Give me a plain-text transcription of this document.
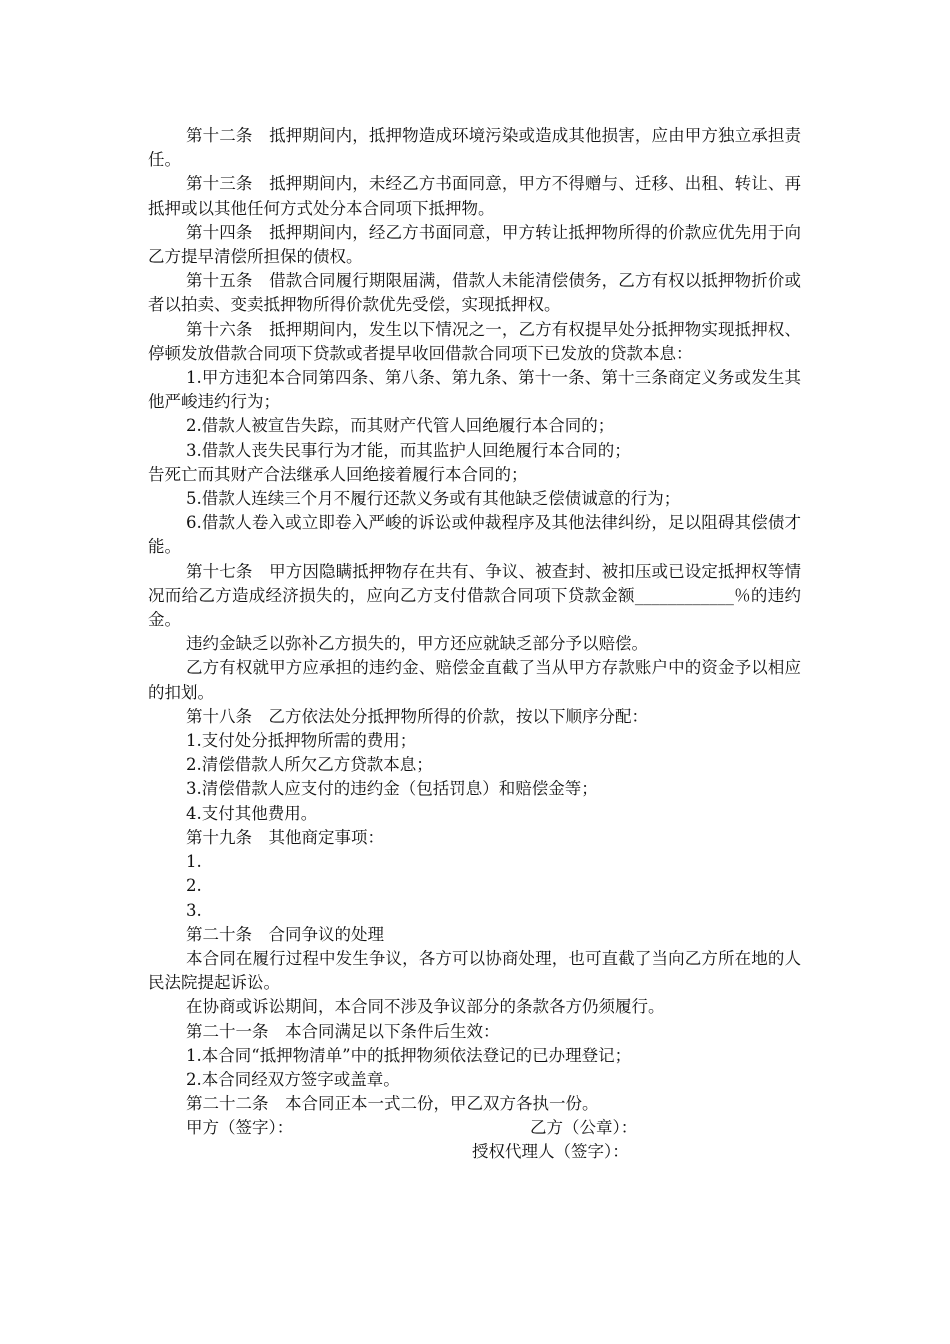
第十二条　抵押期间内，抵押物造成环境污染或造成其他损害，应由甲方独立承担责任。

第十三条　抵押期间内，未经乙方书面同意，甲方不得赠与、迁移、出租、转让、再抵押或以其他任何方式处分本合同项下抵押物。

第十四条　抵押期间内，经乙方书面同意，甲方转让抵押物所得的价款应优先用于向乙方提早清偿所担保的债权。

第十五条　借款合同履行期限届满，借款人未能清偿债务，乙方有权以抵押物折价或者以拍卖、变卖抵押物所得价款优先受偿，实现抵押权。

第十六条　抵押期间内，发生以下情况之一，乙方有权提早处分抵押物实现抵押权、停顿发放借款合同项下贷款或者提早收回借款合同项下已发放的贷款本息：

1.甲方违犯本合同第四条、第八条、第九条、第十一条、第十三条商定义务或发生其他严峻违约行为；

2.借款人被宣告失踪，而其财产代管人回绝履行本合同的；

3.借款人丧失民事行为才能，而其监护人回绝履行本合同的；

告死亡而其财产合法继承人回绝接着履行本合同的；

5.借款人连续三个月不履行还款义务或有其他缺乏偿债诚意的行为；

6.借款人卷入或立即卷入严峻的诉讼或仲裁程序及其他法律纠纷，足以阻碍其偿债才能。

第十七条　甲方因隐瞒抵押物存在共有、争议、被查封、被扣压或已设定抵押权等情况而给乙方造成经济损失的，应向乙方支付借款合同项下贷款金额____________％的违约金。

违约金缺乏以弥补乙方损失的，甲方还应就缺乏部分予以赔偿。

乙方有权就甲方应承担的违约金、赔偿金直截了当从甲方存款账户中的资金予以相应的扣划。

第十八条　乙方依法处分抵押物所得的价款，按以下顺序分配：

1.支付处分抵押物所需的费用；

2.清偿借款人所欠乙方贷款本息；

3.清偿借款人应支付的违约金（包括罚息）和赔偿金等；

4.支付其他费用。

第十九条　其他商定事项：

1.

2.

3.

第二十条　合同争议的处理

本合同在履行过程中发生争议，各方可以协商处理，也可直截了当向乙方所在地的人民法院提起诉讼。

在协商或诉讼期间，本合同不涉及争议部分的条款各方仍须履行。

第二十一条　本合同满足以下条件后生效：

1.本合同“抵押物清单”中的抵押物须依法登记的已办理登记；

2.本合同经双方签字或盖章。

第二十二条　本合同正本一式二份，甲乙双方各执一份。

甲方（签字）：	乙方（公章）：
授权代理人（签字）：
